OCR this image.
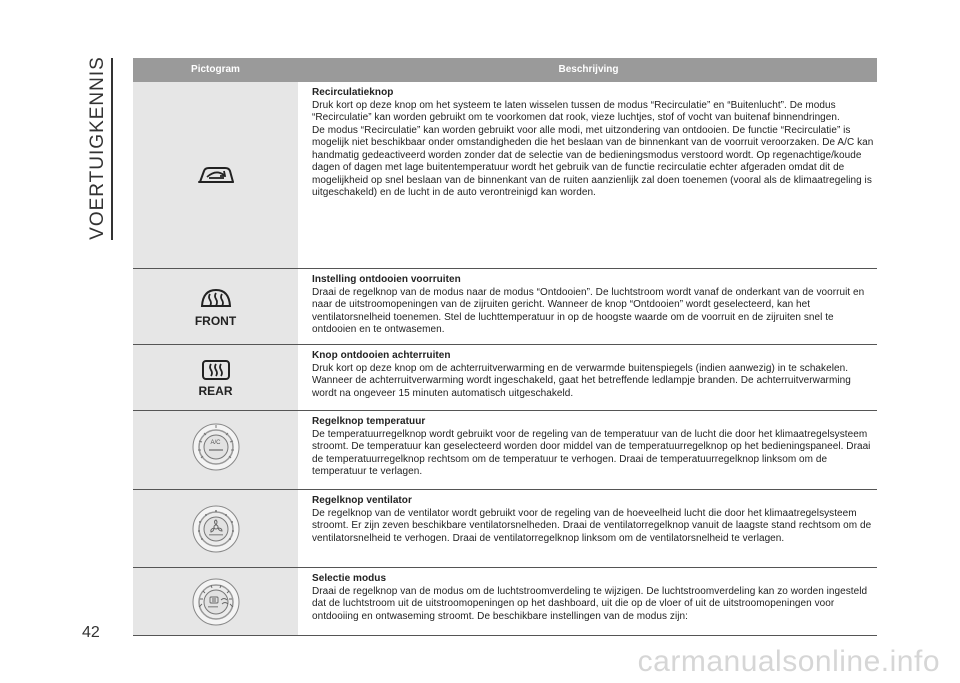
VOERTUIGKENNIS
42
Pictogram	Beschrijving
Recirculatieknop

Druk kort op deze knop om het systeem te laten wisselen tussen de modus “Recirculatie” en “Buitenlucht”. De modus “Recirculatie” kan worden gebruikt om te voorkomen dat rook, vieze luchtjes, stof of vocht van buitenaf binnendringen.
De modus “Recirculatie” kan worden gebruikt voor alle modi, met uitzondering van ontdooien. De functie “Recirculatie” is mogelijk niet beschikbaar onder omstandigheden die het beslaan van de binnenkant van de voorruit veroorzaken. De A/C kan handmatig gedeactiveerd worden zonder dat de selectie van de bedieningsmodus verstoord wordt. Op regenachtige/koude dagen of dagen met lage buitentemperatuur wordt het gebruik van de functie recirculatie echter afgeraden omdat dit de mogelijkheid op snel beslaan van de binnenkant van de ruiten aanzienlijk zal doen toenemen (vooral als de klimaatregeling is uitgeschakeld) en de lucht in de auto verontreinigd kan worden.

FRONT
Instelling ontdooien voorruiten

Draai de regelknop van de modus naar de modus “Ontdooien”. De luchtstroom wordt vanaf de onderkant van de voorruit en naar de uitstroomopeningen van de zijruiten gericht. Wanneer de knop “Ontdooien” wordt geselecteerd, kan het ventilatorsnelheid toenemen. Stel de luchttemperatuur in op de hoogste waarde om de voorruit en de zijruiten snel te ontdooien en te ontwasemen.

REAR
Knop ontdooien achterruiten

Druk kort op deze knop om de achterruitverwarming en de verwarmde buitenspiegels (indien aanwezig) in te schakelen. Wanneer de achterruitverwarming wordt ingeschakeld, gaat het betreffende ledlampje branden. De achterruitverwarming wordt na ongeveer 15 minuten automatisch uitgeschakeld.

A/C
Regelknop temperatuur

De temperatuurregelknop wordt gebruikt voor de regeling van de temperatuur van de lucht die door het klimaatregelsysteem stroomt. De temperatuur kan geselecteerd worden door middel van de temperatuurregelknop op het bedieningspaneel. Draai de temperatuurregelknop rechtsom om de temperatuur te verhogen. Draai de temperatuurregelknop linksom om de temperatuur te verlagen.

Regelknop ventilator

De regelknop van de ventilator wordt gebruikt voor de regeling van de hoeveelheid lucht die door het klimaatregelsysteem stroomt. Er zijn zeven beschikbare ventilatorsnelheden. Draai de ventilatorregelknop vanuit de laagste stand rechtsom om de ventilatorsnelheid te verhogen. Draai de ventilatorregelknop linksom om de ventilatorsnelheid te verlagen.

Selectie modus

Draai de regelknop van de modus om de luchtstroomverdeling te wijzigen. De luchtstroomverdeling kan zo worden ingesteld dat de luchtstroom uit de uitstroomopeningen op het dashboard, uit die op de vloer of uit de uitstroomopeningen voor ontdooiing en ontwaseming stroomt. De beschikbare instellingen van de modus zijn:

carmanualsonline.info
